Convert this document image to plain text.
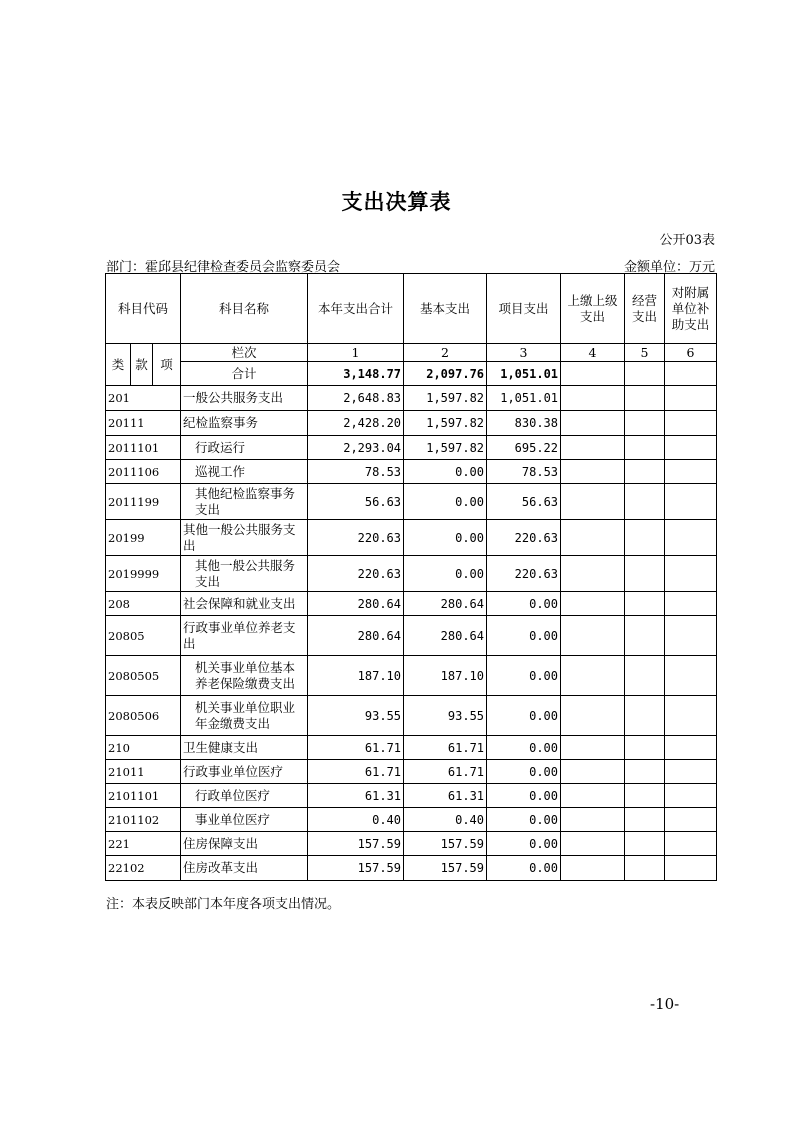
支出决算表
公开03表
部门：霍邱县纪律检查委员会监察委员会	金额单位：万元
科目代码			科目名称	本年支出合计	基本支出	项目支出	上缴上级支出	经营支出	对附属单位补助支出
类	款	项	栏次	1	2	3	4	5	6
			合计	3,148.77	2,097.76	1,051.01			
201			一般公共服务支出	2,648.83	1,597.82	1,051.01			
20111			纪检监察事务	2,428.20	1,597.82	830.38			
2011101			行政运行	2,293.04	1,597.82	695.22			
2011106			巡视工作	78.53	0.00	78.53			
2011199			其他纪检监察事务支出	56.63	0.00	56.63			
20199			其他一般公共服务支出	220.63	0.00	220.63			
2019999			其他一般公共服务支出	220.63	0.00	220.63			
208			社会保障和就业支出	280.64	280.64	0.00			
20805			行政事业单位养老支出	280.64	280.64	0.00			
2080505			机关事业单位基本养老保险缴费支出	187.10	187.10	0.00			
2080506			机关事业单位职业年金缴费支出	93.55	93.55	0.00			
210			卫生健康支出	61.71	61.71	0.00			
21011			行政事业单位医疗	61.71	61.71	0.00			
2101101			行政单位医疗	61.31	61.31	0.00			
2101102			事业单位医疗	0.40	0.40	0.00			
221			住房保障支出	157.59	157.59	0.00			
22102			住房改革支出	157.59	157.59	0.00			
注：本表反映部门本年度各项支出情况。
-10-
